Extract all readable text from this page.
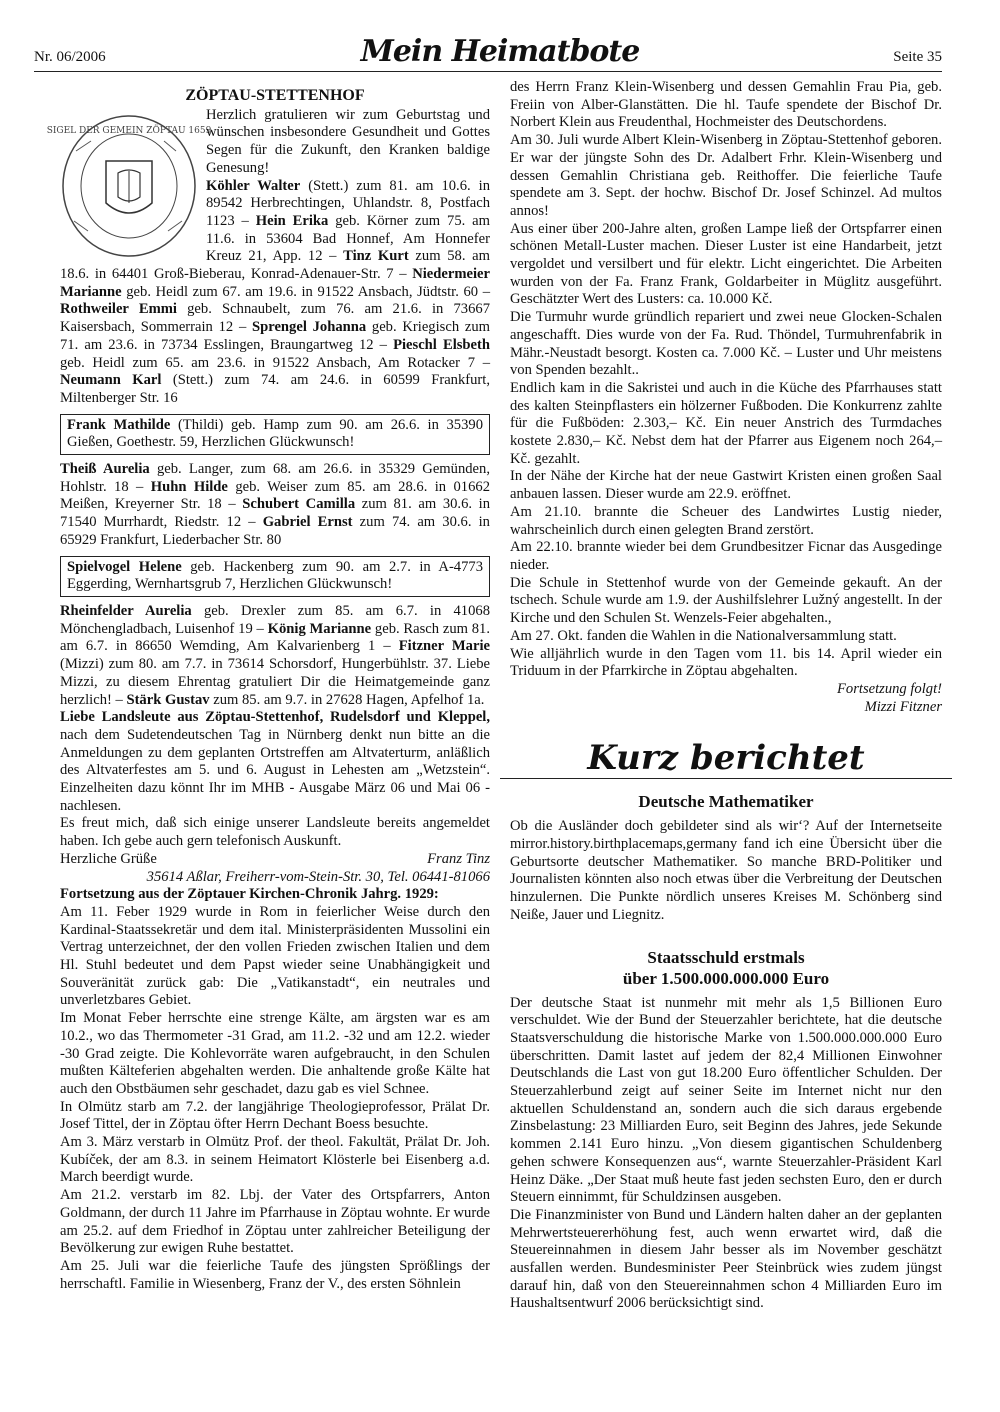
Nr. 06/2006	Mein Heimatbote	Seite 35
ZÖPTAU-STETTENHOF
SIGEL DER GEMEIN ZÖPTAU 1659

Herzlich gratulieren wir zum Geburtstag und wünschen insbesondere Gesundheit und Gottes Segen für die Zukunft, den Kranken baldige Genesung!

Köhler Walter (Stett.) zum 81. am 10.6. in 89542 Herbrechtingen, Uhlandstr. 8, Postfach 1123 – Hein Erika geb. Körner zum 75. am 11.6. in 53604 Bad Honnef, Am Honnefer Kreuz 21, App. 12 – Tinz Kurt zum 58. am 18.6. in 64401 Groß-Bieberau, Konrad-Adenauer-Str. 7 – Niedermeier Marianne geb. Heidl zum 67. am 19.6. in 91522 Ansbach, Jüdtstr. 60 – Rothweiler Emmi geb. Schnaubelt, zum 76. am 21.6. in 73667 Kaisersbach, Sommerrain 12 – Sprengel Johanna geb. Kriegisch zum 71. am 23.6. in 73734 Esslingen, Braungartweg 12 – Pieschl Elsbeth geb. Heidl zum 65. am 23.6. in 91522 Ansbach, Am Rotacker 7 – Neumann Karl (Stett.) zum 74. am 24.6. in 60599 Frankfurt, Miltenberger Str. 16

Frank Mathilde (Thildi) geb. Hamp zum 90. am 26.6. in 35390 Gießen, Goethestr. 59, Herzlichen Glückwunsch!

Theiß Aurelia geb. Langer, zum 68. am 26.6. in 35329 Gemünden, Hohlstr. 18 – Huhn Hilde geb. Weiser zum 85. am 28.6. in 01662 Meißen, Kreyerner Str. 18 – Schubert Camilla zum 81. am 30.6. in 71540 Murrhardt, Riedstr. 12 – Gabriel Ernst zum 74. am 30.6. in 65929 Frankfurt, Liederbacher Str. 80

Spielvogel Helene geb. Hackenberg zum 90. am 2.7. in A-4773 Eggerding, Wernhartsgrub 7, Herzlichen Glückwunsch!

Rheinfelder Aurelia geb. Drexler zum 85. am 6.7. in 41068 Mönchengladbach, Luisenhof 19 – König Marianne geb. Rasch zum 81. am 6.7. in 86650 Wemding, Am Kalvarienberg 1 – Fitzner Marie (Mizzi) zum 80. am 7.7. in 73614 Schorsdorf, Hungerbühlstr. 37. Liebe Mizzi, zu diesem Ehrentag gratuliert Dir die Heimatgemeinde ganz herzlich! – Stärk Gustav zum 85. am 9.7. in 27628 Hagen, Apfelhof 1a.

Liebe Landsleute aus Zöptau-Stettenhof, Rudelsdorf und Kleppel, nach dem Sudetendeutschen Tag in Nürnberg denkt nun bitte an die Anmeldungen zu dem geplanten Ortstreffen am Altvaterturm, anläßlich des Altvaterfestes am 5. und 6. August in Lehesten am „Wetzstein“. Einzelheiten dazu könnt Ihr im MHB - Ausgabe März 06 und Mai 06 - nachlesen.

Es freut mich, daß sich einige unserer Landsleute bereits angemeldet haben. Ich gebe auch gern telefonisch Auskunft.

Herzliche Grüße	Franz Tinz

35614 Aßlar, Freiherr-vom-Stein-Str. 30, Tel. 06441-81066

Fortsetzung aus der Zöptauer Kirchen-Chronik Jahrg. 1929:

Am 11. Feber 1929 wurde in Rom in feierlicher Weise durch den Kardinal-Staatssekretär und dem ital. Ministerpräsidenten Mussolini ein Vertrag unterzeichnet, der den vollen Frieden zwischen Italien und dem Hl. Stuhl bedeutet und dem Papst wieder seine Unabhängigkeit und Souveränität zurück gab: Die „Vatikanstadt“, ein neutrales und unverletzbares Gebiet.

Im Monat Feber herrschte eine strenge Kälte, am ärgsten war es am 10.2., wo das Thermometer -31 Grad, am 11.2. -32 und am 12.2. wieder -30 Grad zeigte. Die Kohlevorräte waren aufgebraucht, in den Schulen mußten Kälteferien abgehalten werden. Die anhaltende große Kälte hat auch den Obstbäumen sehr geschadet, dazu gab es viel Schnee.

In Olmütz starb am 7.2. der langjährige Theologieprofessor, Prälat Dr. Josef Tittel, der in Zöptau öfter Herrn Dechant Boess besuchte.

Am 3. März verstarb in Olmütz Prof. der theol. Fakultät, Prälat Dr. Joh. Kubíček, der am 8.3. in seinem Heimatort Klösterle bei Eisenberg a.d. March beerdigt wurde.

Am 21.2. verstarb im 82. Lbj. der Vater des Ortspfarrers, Anton Goldmann, der durch 11 Jahre im Pfarrhause in Zöptau wohnte. Er wurde am 25.2. auf dem Friedhof in Zöptau unter zahlreicher Beteiligung der Bevölkerung zur ewigen Ruhe bestattet.

Am 25. Juli war die feierliche Taufe des jüngsten Sprößlings der herrschaftl. Familie in Wiesenberg, Franz der V., des ersten Söhnlein

des Herrn Franz Klein-Wisenberg und dessen Gemahlin Frau Pia, geb. Freiin von Alber-Glanstätten. Die hl. Taufe spendete der Bischof Dr. Norbert Klein aus Freudenthal, Hochmeister des Deutschordens.

Am 30. Juli wurde Albert Klein-Wisenberg in Zöptau-Stettenhof geboren. Er war der jüngste Sohn des Dr. Adalbert Frhr. Klein-Wisenberg und dessen Gemahlin Christiana geb. Reithoffer. Die feierliche Taufe spendete am 3. Sept. der hochw. Bischof Dr. Josef Schinzel. Ad multos annos!

Aus einer über 200-Jahre alten, großen Lampe ließ der Ortspfarrer einen schönen Metall-Luster machen. Dieser Luster ist eine Handarbeit, jetzt vergoldet und versilbert und für elektr. Licht eingerichtet. Die Arbeiten wurden von der Fa. Franz Frank, Goldarbeiter in Müglitz ausgeführt. Geschätzter Wert des Lusters: ca. 10.000 Kč.

Die Turmuhr wurde gründlich repariert und zwei neue Glocken-Schalen angeschafft. Dies wurde von der Fa. Rud. Thöndel, Turmuhrenfabrik in Mähr.-Neustadt besorgt. Kosten ca. 7.000 Kč. – Luster und Uhr meistens von Spenden bezahlt..

Endlich kam in die Sakristei und auch in die Küche des Pfarrhauses statt des kalten Steinpflasters ein hölzerner Fußboden. Die Konkurrenz zahlte für die Fußböden: 2.303,– Kč. Ein neuer Anstrich des Turmdaches kostete 2.830,– Kč. Nebst dem hat der Pfarrer aus Eigenem noch 264,– Kč. gezahlt.

In der Nähe der Kirche hat der neue Gastwirt Kristen einen großen Saal anbauen lassen. Dieser wurde am 22.9. eröffnet.

Am 21.10. brannte die Scheuer des Landwirtes Lustig nieder, wahrscheinlich durch einen gelegten Brand zerstört.

Am 22.10. brannte wieder bei dem Grundbesitzer Ficnar das Ausgedinge nieder.

Die Schule in Stettenhof wurde von der Gemeinde gekauft. An der tschech. Schule wurde am 1.9. der Aushilfslehrer Lužný angestellt. In der Kirche und den Schulen St. Wenzels-Feier abgehalten.,

Am 27. Okt. fanden die Wahlen in die Nationalversammlung statt.

Wie alljährlich wurde in den Tagen vom 11. bis 14. April wieder ein Triduum in der Pfarrkirche in Zöptau abgehalten.

Fortsetzung folgt!

Mizzi Fitzner

Kurz berichtet
Deutsche Mathematiker

Ob die Ausländer doch gebildeter sind als wir‘? Auf der Internetseite mirror.history.birthplacemaps,germany fand ich eine Übersicht über die Geburtsorte deutscher Mathematiker. So manche BRD-Politiker und Journalisten könnten also noch etwas über die Verbreitung der Deutschen hinzulernen. Die Punkte nördlich unseres Kreises M. Schönberg sind Neiße, Jauer und Liegnitz.

Staatsschuld erstmals
über 1.500.000.000.000 Euro

Der deutsche Staat ist nunmehr mit mehr als 1,5 Billionen Euro verschuldet. Wie der Bund der Steuerzahler berichtete, hat die deutsche Staatsverschuldung die historische Marke von 1.500.000.000.000 Euro überschritten. Damit lastet auf jedem der 82,4 Millionen Einwohner Deutschlands die Last von gut 18.200 Euro öffentlicher Schulden. Der Steuerzahlerbund zeigt auf seiner Seite im Internet nicht nur den aktuellen Schuldenstand an, sondern auch die sich daraus ergebende Zinsbelastung: 23 Milliarden Euro, seit Beginn des Jahres, jede Sekunde kommen 2.141 Euro hinzu. „Von diesem gigantischen Schuldenberg gehen schwere Konsequenzen aus“, warnte Steuerzahler-Präsident Karl Heinz Däke. „Der Staat muß heute fast jeden sechsten Euro, den er durch Steuern einnimmt, für Schuldzinsen ausgeben.

Die Finanzminister von Bund und Ländern halten daher an der geplanten Mehrwertsteuererhöhung fest, auch wenn erwartet wird, daß die Steuereinnahmen in diesem Jahr besser als im November geschätzt ausfallen werden. Bundesminister Peer Steinbrück wies zudem jüngst darauf hin, daß von den Steuereinnahmen schon 4 Milliarden Euro im Haushaltsentwurf 2006 berücksichtigt sind.
